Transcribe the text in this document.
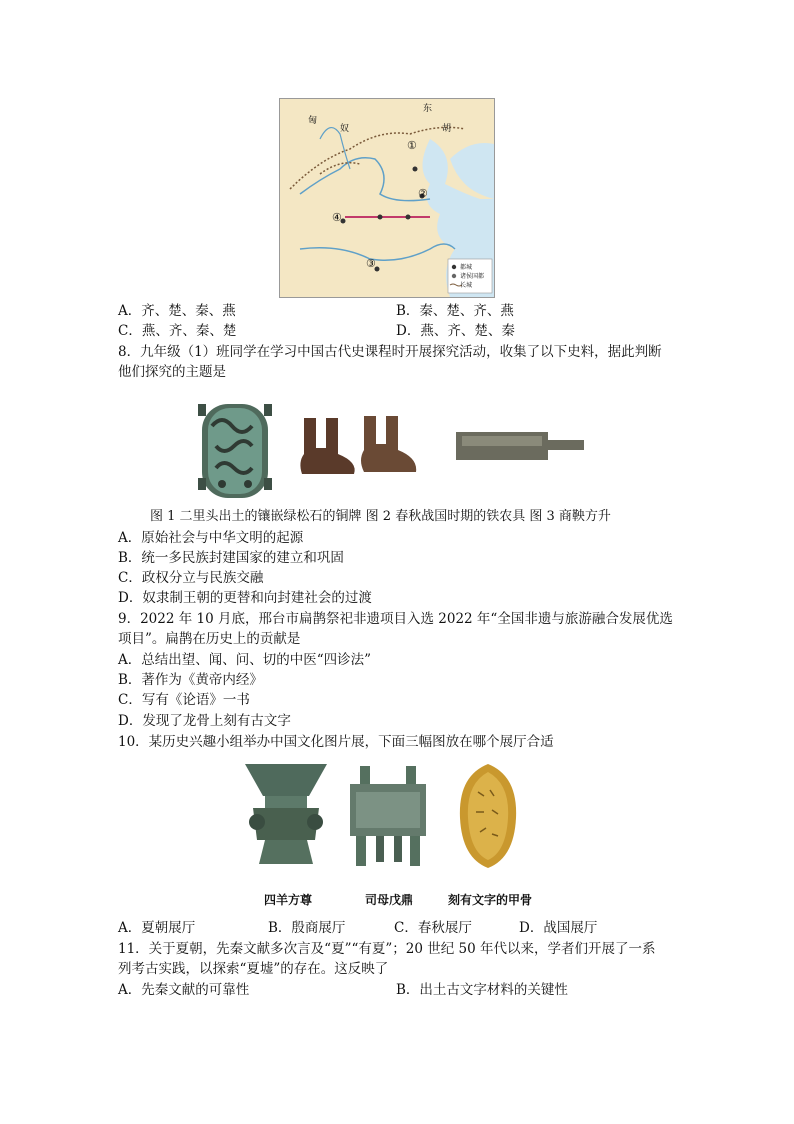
东
匈
奴	胡
①
②
③
④
都城
诸侯国都
长城
A．齐、楚、秦、燕	B．秦、楚、齐、燕
C．燕、齐、秦、楚	D．燕、齐、楚、秦
8．九年级（1）班同学在学习中国古代史课程时开展探究活动，收集了以下史料，据此判断
他们探究的主题是
图 1 二里头出土的镶嵌绿松石的铜牌 图 2 春秋战国时期的铁农具 图 3 商鞅方升
A．原始社会与中华文明的起源
B．统一多民族封建国家的建立和巩固
C．政权分立与民族交融
D．奴隶制王朝的更替和向封建社会的过渡
9．2022 年 10 月底，邢台市扁鹊祭祀非遗项目入选 2022 年“全国非遗与旅游融合发展优选
项目”。扁鹊在历史上的贡献是
A．总结出望、闻、问、切的中医“四诊法”
B．著作为《黄帝内经》
C．写有《论语》一书
D．发现了龙骨上刻有古文字
10．某历史兴趣小组举办中国文化图片展，下面三幅图放在哪个展厅合适
四羊方尊	司母戊鼎	刻有文字的甲骨
A．夏朝展厅	B．殷商展厅	C．春秋展厅	D．战国展厅
11．关于夏朝，先秦文献多次言及“夏”“有夏”；20 世纪 50 年代以来，学者们开展了一系
列考古实践，以探索“夏墟”的存在。这反映了
A．先秦文献的可靠性	B．出土古文字材料的关键性
